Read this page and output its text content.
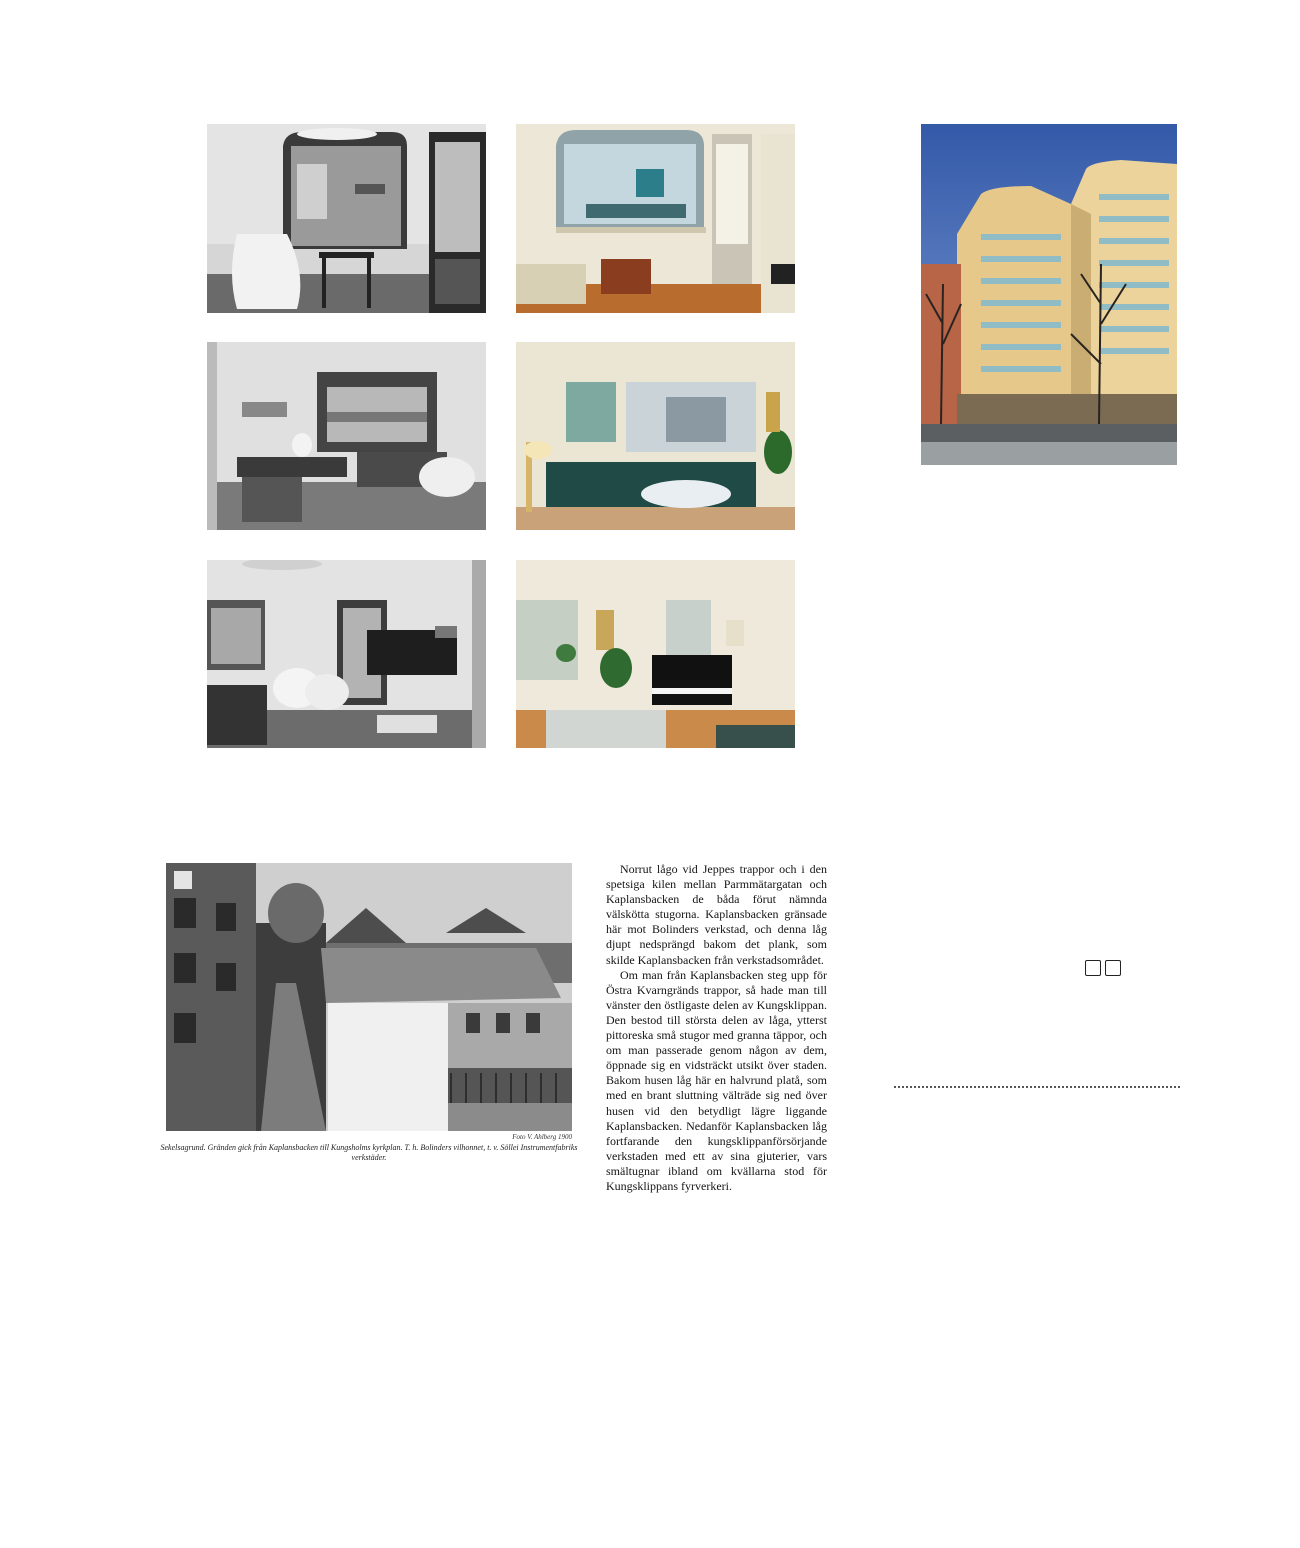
Foto V. Ahlberg 1900
Sekelsagrund. Gränden gick från Kaplansbacken till Kungsholms kyrkplan. T. h. Bolinders vilhonnet, t. v. Söllei Instrumentfabriks verkstäder.

Norrut lågo vid Jeppes trappor och i den spetsiga kilen mellan Parmmätargatan och Kaplansbacken de båda förut nämnda välskötta stugorna. Kaplansbacken gränsade här mot Bolinders verkstad, och denna låg djupt nedsprängd bakom det plank, som skilde Kaplansbacken från verkstadsområdet.

Om man från Kaplansbacken steg upp för Östra Kvarngränds trappor, så hade man till vänster den östligaste delen av Kungsklippan. Den bestod till största delen av låga, ytterst pittoreska små stugor med granna täppor, och om man passerade genom någon av dem, öppnade sig en vidsträckt utsikt över staden. Bakom husen låg här en halvrund platå, som med en brant sluttning välträde sig ned över husen vid den betydligt lägre liggande Kaplansbacken. Nedanför Kaplansbacken låg fortfarande den kungsklippanförsörjande verkstaden med ett av sina gjuterier, vars smältugnar ibland om kvällarna stod för Kungsklippans fyrverkeri.
